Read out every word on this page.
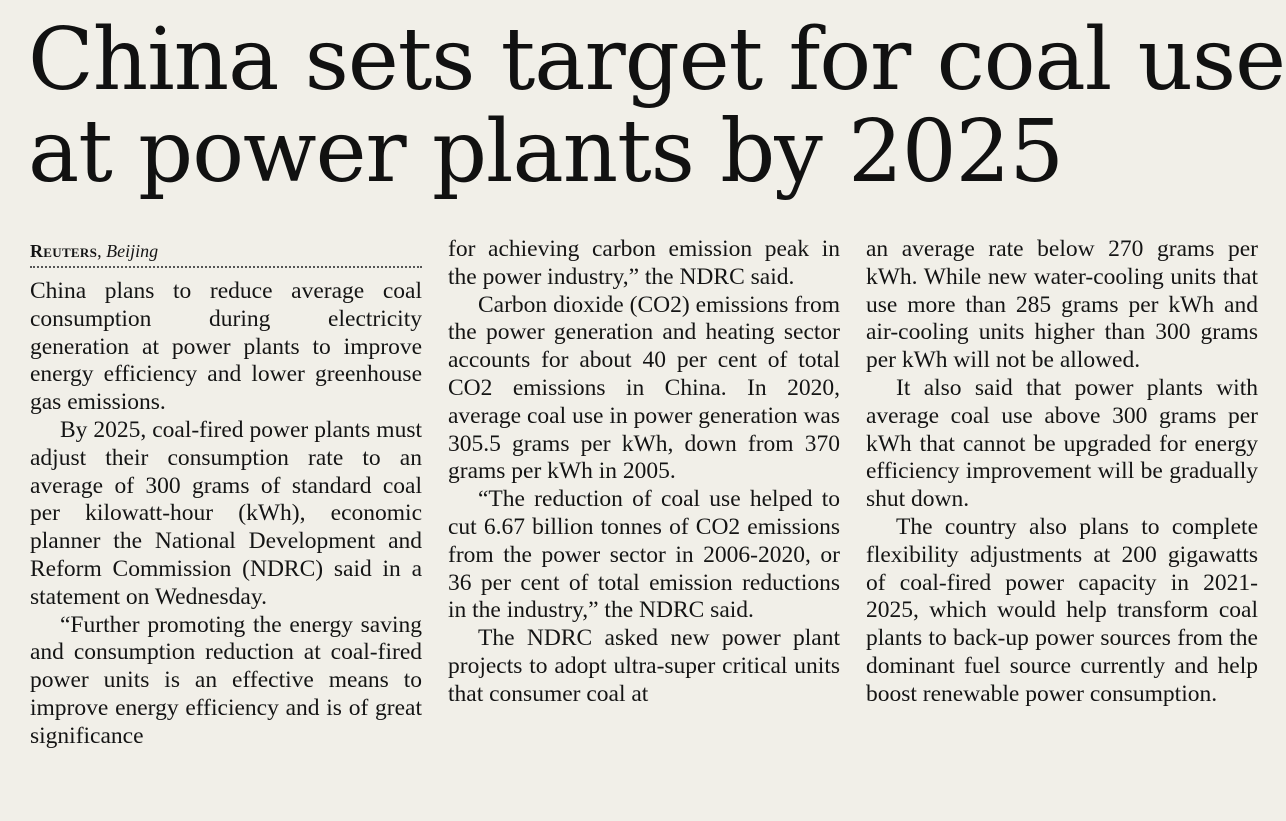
China sets target for coal use
at power plants by 2025
Reuters, Beijing

China plans to reduce average coal consumption during electricity generation at power plants to improve energy efficiency and lower greenhouse gas emissions.

By 2025, coal-fired power plants must adjust their consumption rate to an average of 300 grams of standard coal per kilowatt-hour (kWh), economic planner the National Development and Reform Commission (NDRC) said in a statement on Wednesday.

“Further promoting the energy saving and consumption reduction at coal-fired power units is an effective means to improve energy efficiency and is of great significance

for achieving carbon emission peak in the power industry,” the NDRC said.

Carbon dioxide (CO2) emissions from the power generation and heating sector accounts for about 40 per cent of total CO2 emissions in China. In 2020, average coal use in power generation was 305.5 grams per kWh, down from 370 grams per kWh in 2005.

“The reduction of coal use helped to cut 6.67 billion tonnes of CO2 emissions from the power sector in 2006-2020, or 36 per cent of total emission reductions in the industry,” the NDRC said.

The NDRC asked new power plant projects to adopt ultra-super critical units that consumer coal at

an average rate below 270 grams per kWh. While new water-cooling units that use more than 285 grams per kWh and air-cooling units higher than 300 grams per kWh will not be allowed.

It also said that power plants with average coal use above 300 grams per kWh that cannot be upgraded for energy efficiency improvement will be gradually shut down.

The country also plans to complete flexibility adjustments at 200 gigawatts of coal-fired power capacity in 2021-2025, which would help transform coal plants to back-up power sources from the dominant fuel source currently and help boost renewable power consumption.
